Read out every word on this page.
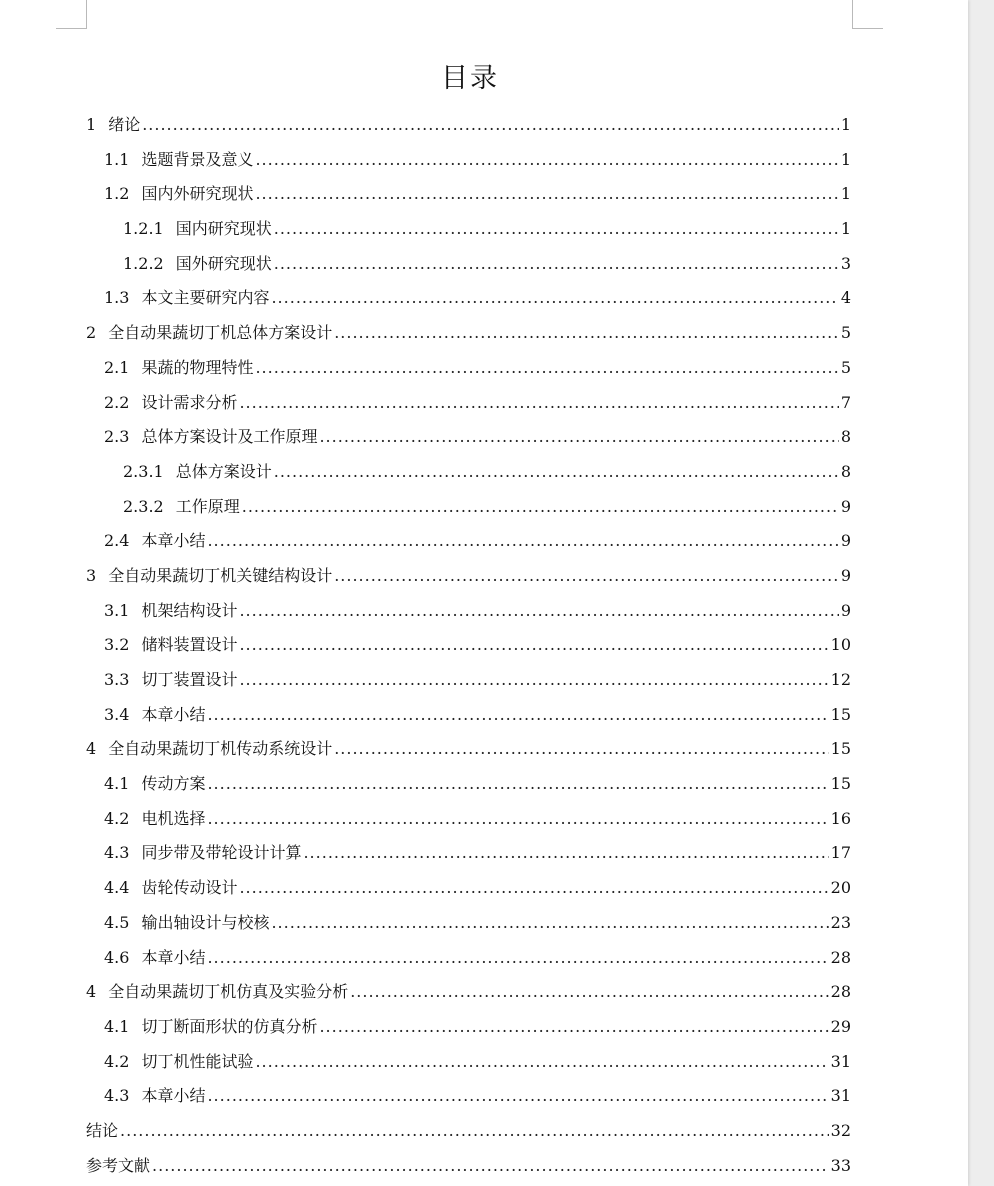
目录
1 绪论 .....	1
1.1 选题背景及意义 .....	1
1.2 国内外研究现状 .....	1
1.2.1 国内研究现状 .....	1
1.2.2 国外研究现状 .....	3
1.3 本文主要研究内容 .....	4
2 全自动果蔬切丁机总体方案设计 .....	5
2.1 果蔬的物理特性 .....	5
2.2 设计需求分析 .....	7
2.3 总体方案设计及工作原理 .....	8
2.3.1 总体方案设计 .....	8
2.3.2 工作原理 .....	9
2.4 本章小结 .....	9
3 全自动果蔬切丁机关键结构设计 .....	9
3.1 机架结构设计 .....	9
3.2 储料装置设计 .....	10
3.3 切丁装置设计 .....	12
3.4 本章小结 .....	15
4 全自动果蔬切丁机传动系统设计 .....	15
4.1 传动方案 .....	15
4.2 电机选择 .....	16
4.3 同步带及带轮设计计算 .....	17
4.4 齿轮传动设计 .....	20
4.5 输出轴设计与校核 .....	23
4.6 本章小结 .....	28
4 全自动果蔬切丁机仿真及实验分析 .....	28
4.1 切丁断面形状的仿真分析 .....	29
4.2 切丁机性能试验 .....	31
4.3 本章小结 .....	31
结论 .....	32
参考文献 .....	33
